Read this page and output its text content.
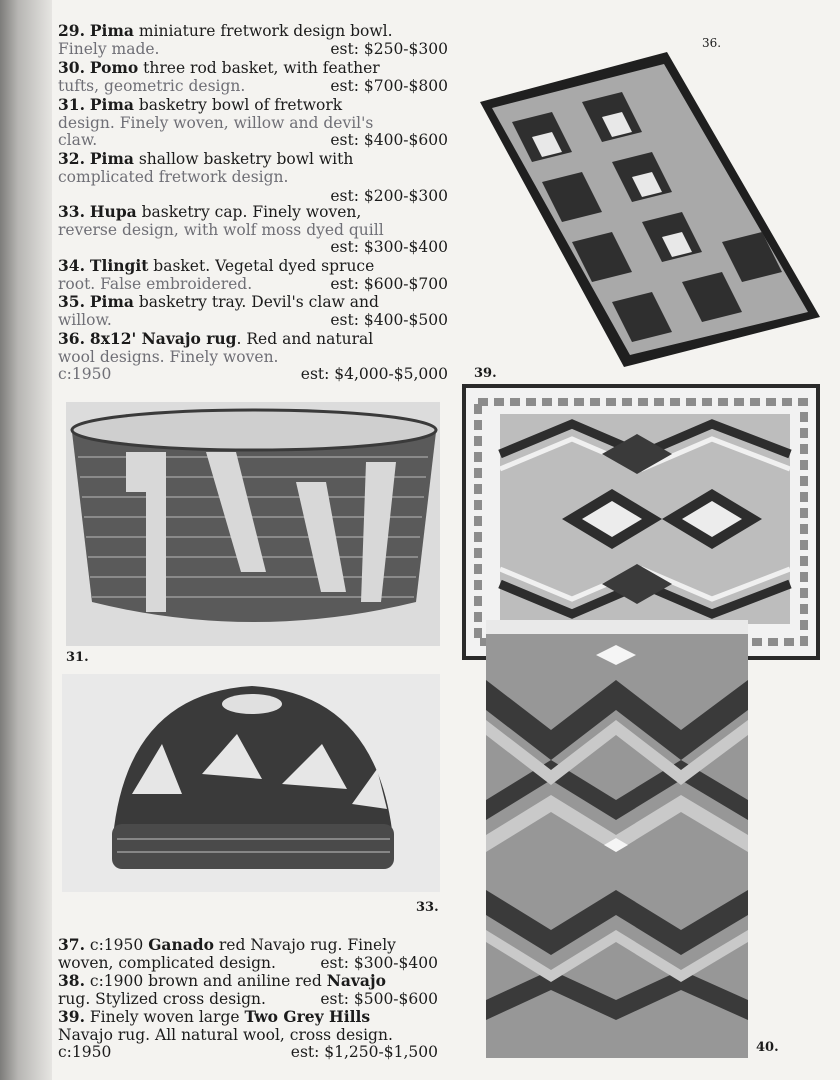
29. Pima miniature fretwork design bowl.
Finely made.	est: $250-$300
30. Pomo three rod basket, with feather
tufts, geometric design.	est: $700-$800
31. Pima basketry bowl of fretwork
design. Finely woven, willow and devil's
claw.	est: $400-$600
32. Pima shallow basketry bowl with
complicated fretwork design.
est: $200-$300
33. Hupa basketry cap. Finely woven,
reverse design, with wolf moss dyed quill
est: $300-$400
34. Tlingit basket. Vegetal dyed spruce
root. False embroidered.	est: $600-$700
35. Pima basketry tray. Devil's claw and
willow.	est: $400-$500
36. 8x12' Navajo rug. Red and natural
wool designs. Finely woven.
c:1950	est: $4,000-$5,000
31.
33.
36.
39.
40.
37. c:1950 Ganado red Navajo rug. Finely
woven, complicated design.	est: $300-$400
38. c:1900 brown and aniline red Navajo
rug. Stylized cross design.	est: $500-$600
39. Finely woven large Two Grey Hills
Navajo rug. All natural wool, cross design.
c:1950	est: $1,250-$1,500
